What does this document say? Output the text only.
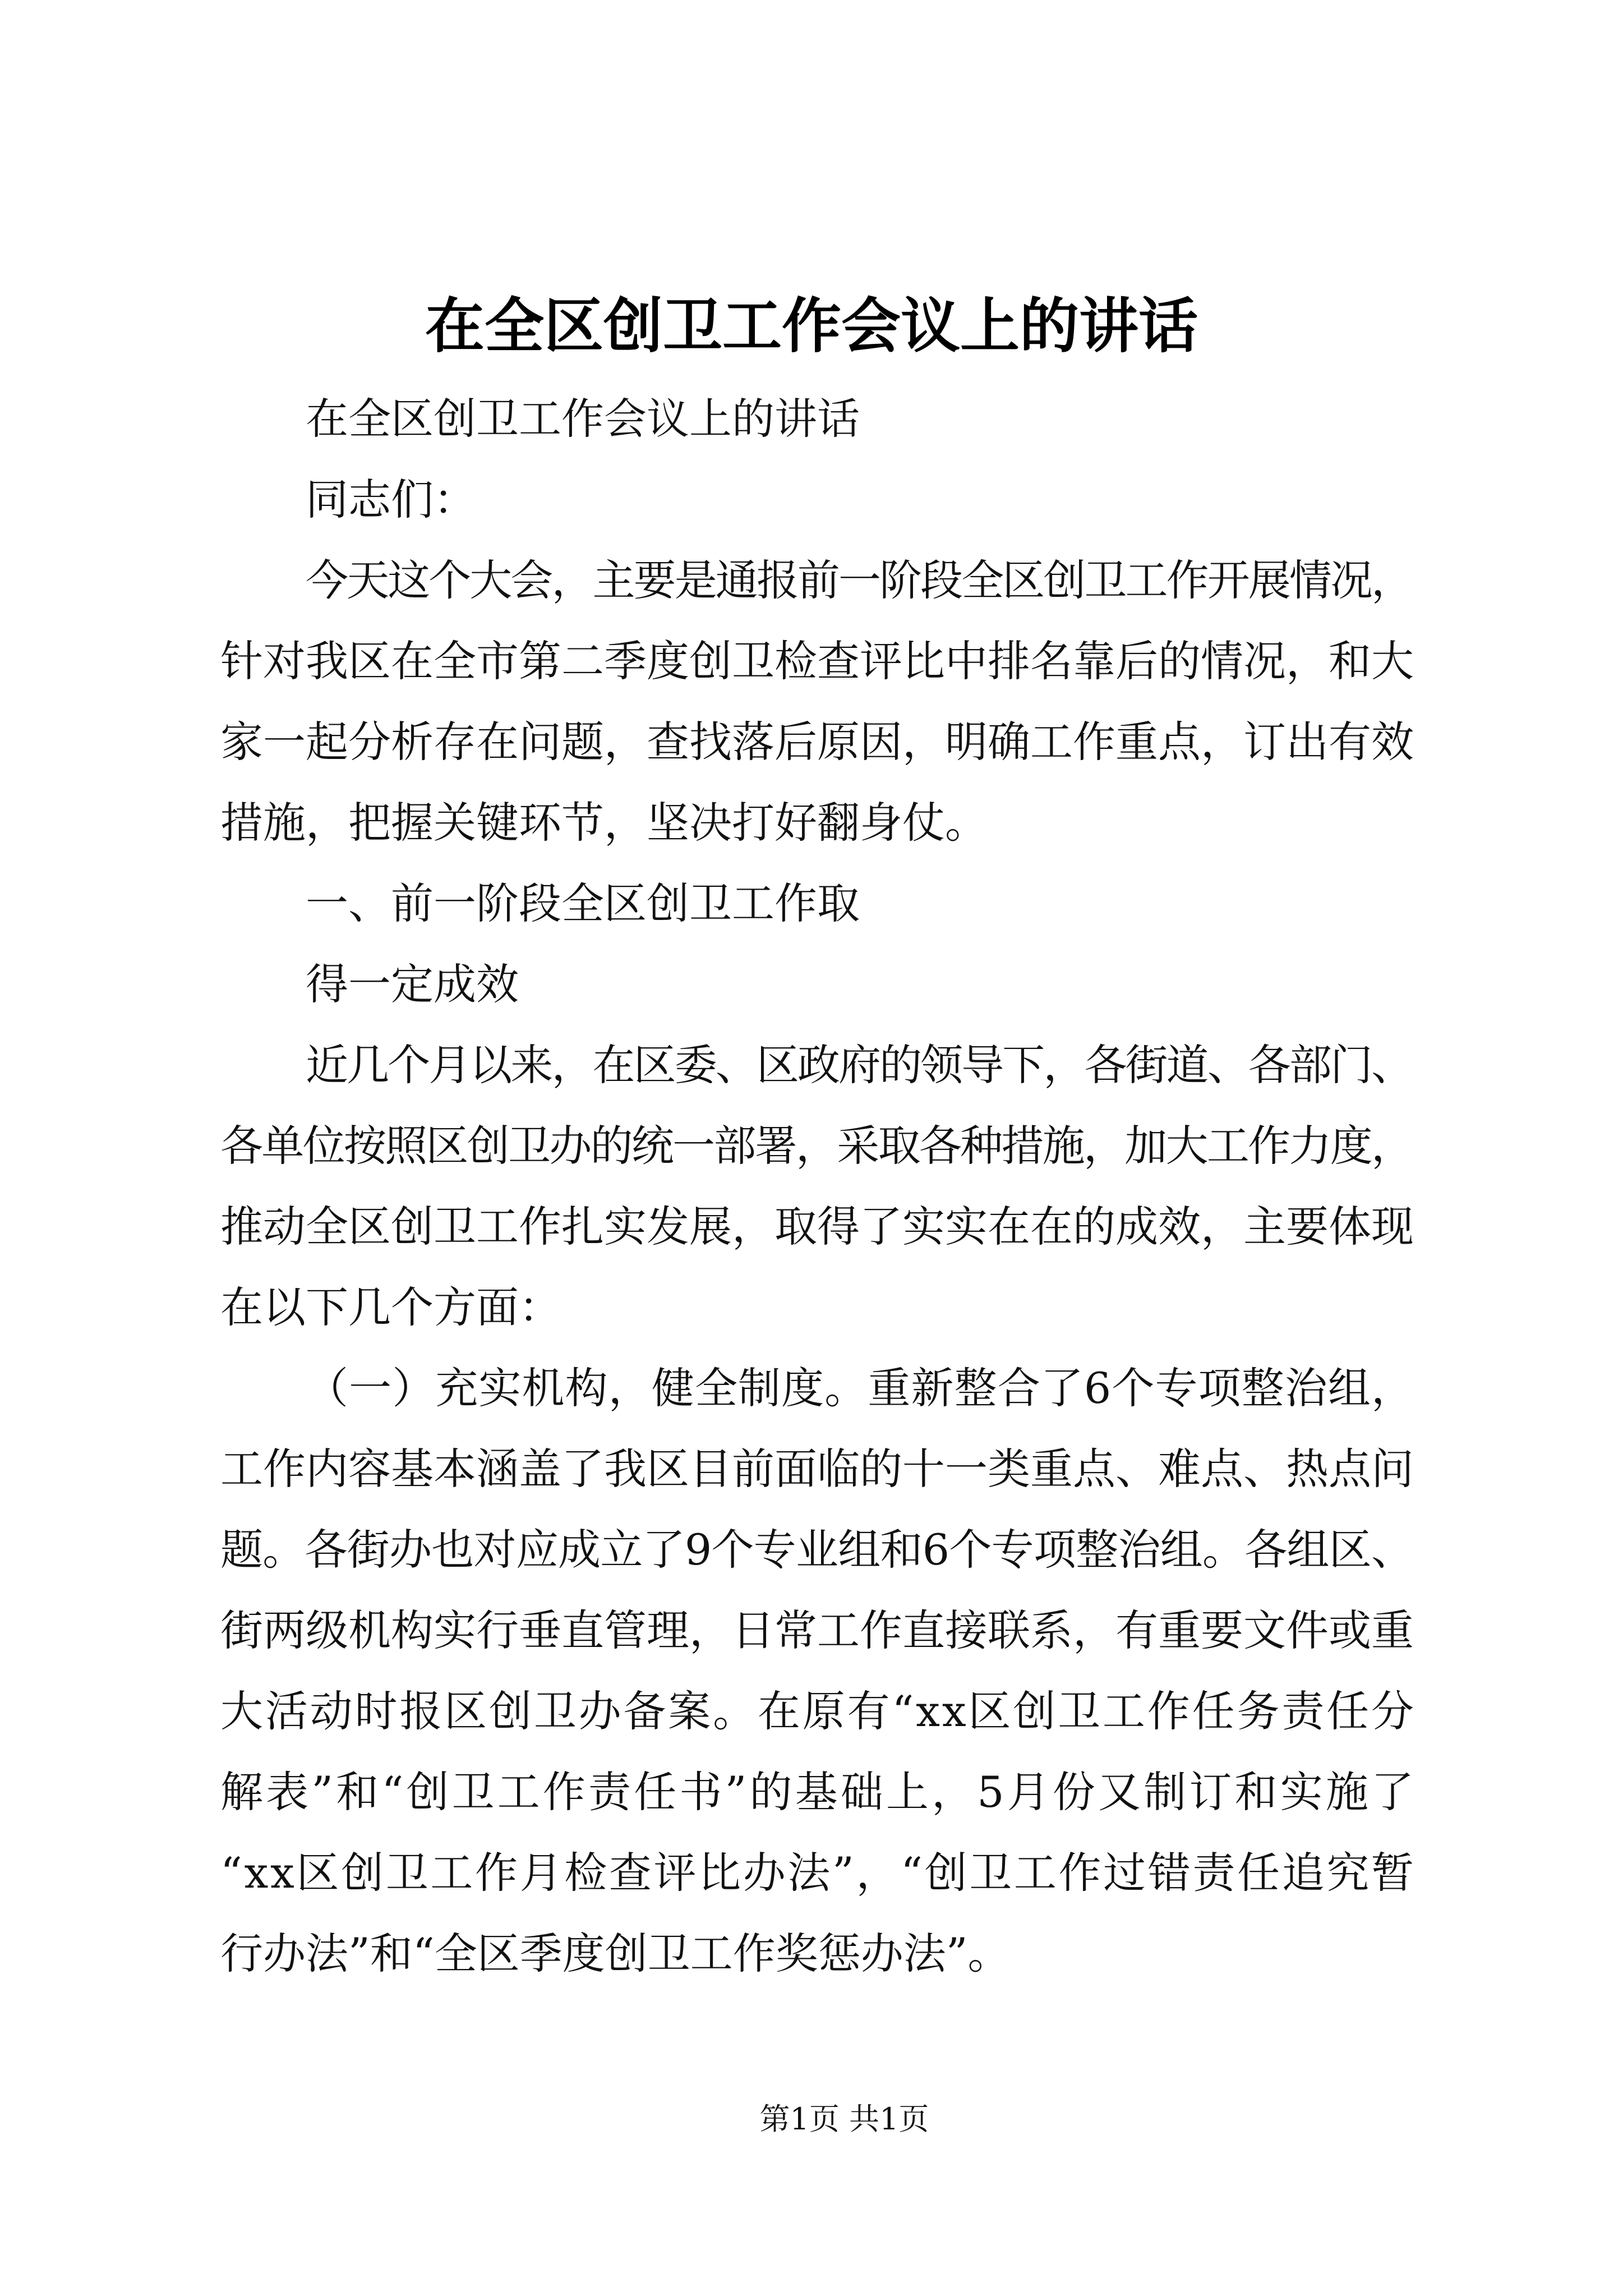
在全区创卫工作会议上的讲话
在全区创卫工作会议上的讲话
同志们：
今天这个大会，主要是通报前一阶段全区创卫工作开展情况，
针对我区在全市第二季度创卫检查评比中排名靠后的情况，和大
家一起分析存在问题，查找落后原因，明确工作重点，订出有效
措施，把握关键环节，坚决打好翻身仗。
一、前一阶段全区创卫工作取
得一定成效
近几个月以来，在区委、区政府的领导下，各街道、各部门、
各单位按照区创卫办的统一部署，采取各种措施，加大工作力度，
推动全区创卫工作扎实发展，取得了实实在在的成效，主要体现
在以下几个方面：
（一）充实机构，健全制度。重新整合了6个专项整治组，
工作内容基本涵盖了我区目前面临的十一类重点、难点、热点问
题。各街办也对应成立了9个专业组和6个专项整治组。各组区、
街两级机构实行垂直管理，日常工作直接联系，有重要文件或重
大活动时报区创卫办备案。在原有“xx区创卫工作任务责任分
解表”和“创卫工作责任书”的基础上，5月份又制订和实施了
“xx区创卫工作月检查评比办法”，“创卫工作过错责任追究暂
行办法”和“全区季度创卫工作奖惩办法”。
第1页 共1页
